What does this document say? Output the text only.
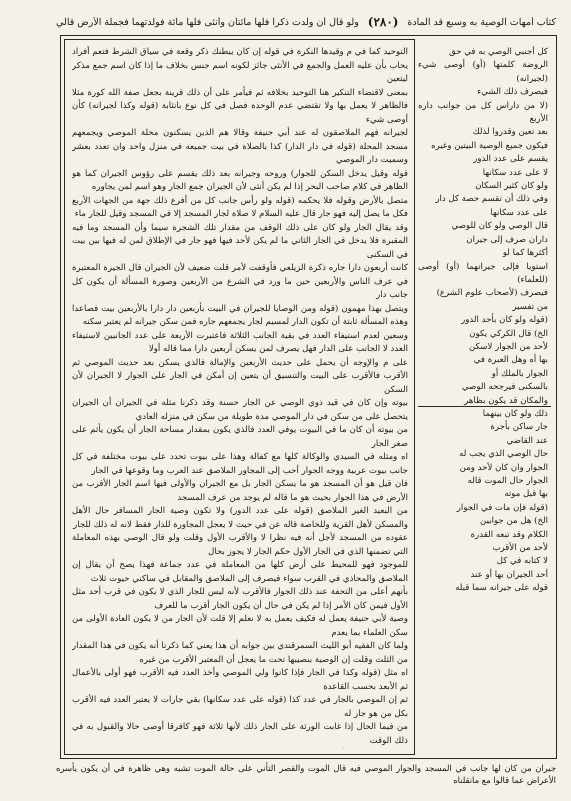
كتاب أمهات الوصية به وسبع قد المادة
(٢٨٠)
ولو قال أن ولدت ذكرا فلها مائتان وأنثى فلها مائة فولدتهما فجملة الأرض قالي

التوحيد كما في م وقيدها النكرة في قوله إن كان يبطنك ذكر وقعة في سياق الشرط فتعم أفراد يحاب بأن عليه العمل والجمع في الأنثى جائز لكونه اسم جنس بخلاف ما إذا كان اسم جمع مذكر ليتعين

بمعنى لاقتضاء التنكير هنا التوحيد بخلافه ثم فيأمر على أن ذلك قرينة بجعل صفة الله كورة مثلا فالظاهر لا يعمل بها ولا تقتضي عدم الوحدة فصل في كل نوع بانثابة (قوله وكذا لجيرانه) كأن أوصى شيء

لجيرانه فهم الملاصقون له عند أبي حنيفة وقالا هم الذين يسكنون محلة الموصي ويجمعهم مسجد المحلة (قوله في دار الدار) كذا بالصلاة في بيت جميعه في منزل واحد وان تعدد بعشر وسميت دار الموصي

قوله وقيل يدخل السكن للجوار) وروحه وجيرانه بعد ذلك يقسم على رؤوس الجيران كما هو الظاهر في كلام صاحب البحر إذا لم يكن أنثى لأن الجيران جمع الجار وهو اسم لمن يجاوره

متصل بالأرض وقوله فلا يحكمه (قوله ولو رأس جانب كل من أفرع ذلك جهة من الجهات الأربع فكل ما يصل إليه فهو جار قال عليه السلام لا صلاة لجار المسجد إلا في المسجد وقيل للجار ماء

وقد يقال الجار ولو كان على ذلك الوقف من مقدار تلك الشجرة سيما وأن المسجد وما فيه المقبرة فلا يدخل في الجار الثاني ما لم يكن لأحد فيها فهو جار في الإطلاق لمن له فيها بين بيت في السكنى

كانت أربعون دارا جاره ذكرة الزيلعي فأوقفت لأمر قلت ضعيف لأن الجيران قال الجيرة المعتبرة في عرف الناس والأربعين حين ما ورد في الشرع من الأربعين وصورة المسألة أن يكون كل جانب دار

ويتصل بهذا مهمون (قوله ومن الوصايا للجيران في البيت بأربعين دار دارا بالأربعين بيت فصاعدا وهذه المسألة ثابتة أن تكون الدار لمسيم لجار يجمعهم جاره فمن سكن جيرانه لم يعتبر سكنه

وسعين لعدم استيفاء العدد في بقية الجانب الثلاثة فاعتبرت الأربعة على عدد الجانبين لاستيفاء العدد لا الجانب على الدار فهل يصرف لمن يسكن أربعين دارا مما قاله أولا

على م والإوجه أن يحمل على حديث الأربعين والإمالة فالذي يسكن بعد حديث الموصي ثم الأقرب فالأقرب على البيت والتنسيق أن يتعين إن أمكن في الجار على الجوار لا الجيران لأن السكن

بيوته وإن كان في قيد ذوي الوصي عن الجار حسنة وقد ذكرنا مثله في الجيران أن الجيران يتحصل على من سكن في دار الموصي مدة طويلة من سكن في منزله العادي

من بيوته أن كان ما في البيوت يوفي العدد فالذي يكون بمقدار مساحة الجار أن يكون يأثم على صغر الجار

اه ومثله في السيدي والوكالة كلها مع كفالة وهذا على بيوت تحدد على بيوت مختلفة في كل جانب بيوت عربية ووجه الجوار أحب إلى المجاور الملاصق عند العرب وما وقوعها في الجار

فان قيل هو أن المسجد هو ما يسكن الجار بل مع الجيران والأولى فيها اسم الجار الأقرب من الأرض في هذا الجوار بحيث هو ما قاله لم يوجد من عرف المسجد

من البعيد الغير الملاصق (قوله على عدد الدور) ولا تكون وصية الجار المسافر حال الأهل والمسكن لأهل القرية وللخاصة قاله عن في حيث لا يعجل المجاورة للدار فقط لانه له ذلك للجار

عقوده من المسجد لأجل أنه فيه نظرا لا والأقرب الأول وقلت ولو قال الوصي بهذه المعاملة التي تضمنها الذي في الجار الأول حكم الجار لا يجوز بحال

للموجود فهو للمحيط على أرض كلها من المعاملة في عدد جماعة فهذا يصح أن يقال إن الملاصق والمحاذي في القرب سواء فيصرف إلى الملاصق والمقابل في ساكني حيوت ثلاث

بأنهم أعلى من التحفة عند ذلك الجوار فالأقرب لأنه ليس للجار الذي لا يكون في قرب أحد مثل الأول فيمن كان الأمر إذا لم يكن في حال أن يكون الجار أقرب ما للعرف

وصية لأبي حنيفة يعمل له فكيف يعمل به لا نعلم إلا قلت لأن الجار من لا يكون العادة الأولى من سكن العلماء بما يعدم

ولما كان الفقيه أبو الليث السمرقندي بين جوابه أن هذا يعني كما ذكرنا أنه يكون في هذا المقدار من الثلث وقلت إن الوصية بنصيبها تحت ما يعجل أن المعتبر الأقرب من غيره

اه مثل (قوله وكذا في الجار فإذا كانوا ولي الموصي وأخذ العدد فيه الأقرب فهو أولى بالأعمال ثم الأبعد بحسب القاعدة

ثم إن الموصي بالجار في عدد كذا (قوله على عدد سكانها) بقي جارات لا يعتبر العدد فيه الأقرب بكل من هو جار له

من فيما الحال إذا غابت الورثة على الجار ذلك لأنها ثلاثة فهو كافرقا أوصى حالا والقبول به في ذلك الوقت

كل أجنبي الوصي به في حق

الروضة كلمتها (أو) أوصى شيء (لجيرانه)

فيصرف ذلك الشيء

(لا من داراس كل من جوانب داره الأربع

بعد تعين وقدروا لذلك

فيكون جميع الوصية البيتين وغيره

يقسم على عدد الدور

لا على عدد سكانها

ولو كان كثير السكان

وفي ذلك أن تقسم حصة كل دار

على عدد سكانها

قال الوصي ولو كان للوصي

داران صرف إلى جيران

أكثرها كما لو

استويا فإلى جيرانهما (أو) أوصى (للعلماء)

فيصرف (لأصحاب علوم الشرع)

من تفسير

(قوله ولو كان بأحد الدور

الخ) قال الكركي يكون

لأحد من الجوار لاسكن

بها أه وهل العبرة في

الجوار بالملك أو

بالسكنى فيرجحه الوصي

والمكان قد يكون بظاهر

ذلك ولو كان بينهما

جار ساكن بأجرة

عند القاضي

حال الوصي الذي يجب له

الجوار وان كان لأحد ومن

الجوار حال الموت قاله

بها قبل موته

(قوله فإن مات في الجوار

الخ) هل من جوابين

الكلام وقد تبعه القدرة

لأحد من الأقرب

لا كتابه في كل

أحد الجيران بها أو عند

قوله على جيرانه سما قبله

جيران من كان لها جانب في المسجد والجوار الموصي فيه قال الموت والقصر التأني على حالة الموت تشبه وهي ظاهرة في أن يكون يأسره الأعراض عما قالوا مع مانقلناه
